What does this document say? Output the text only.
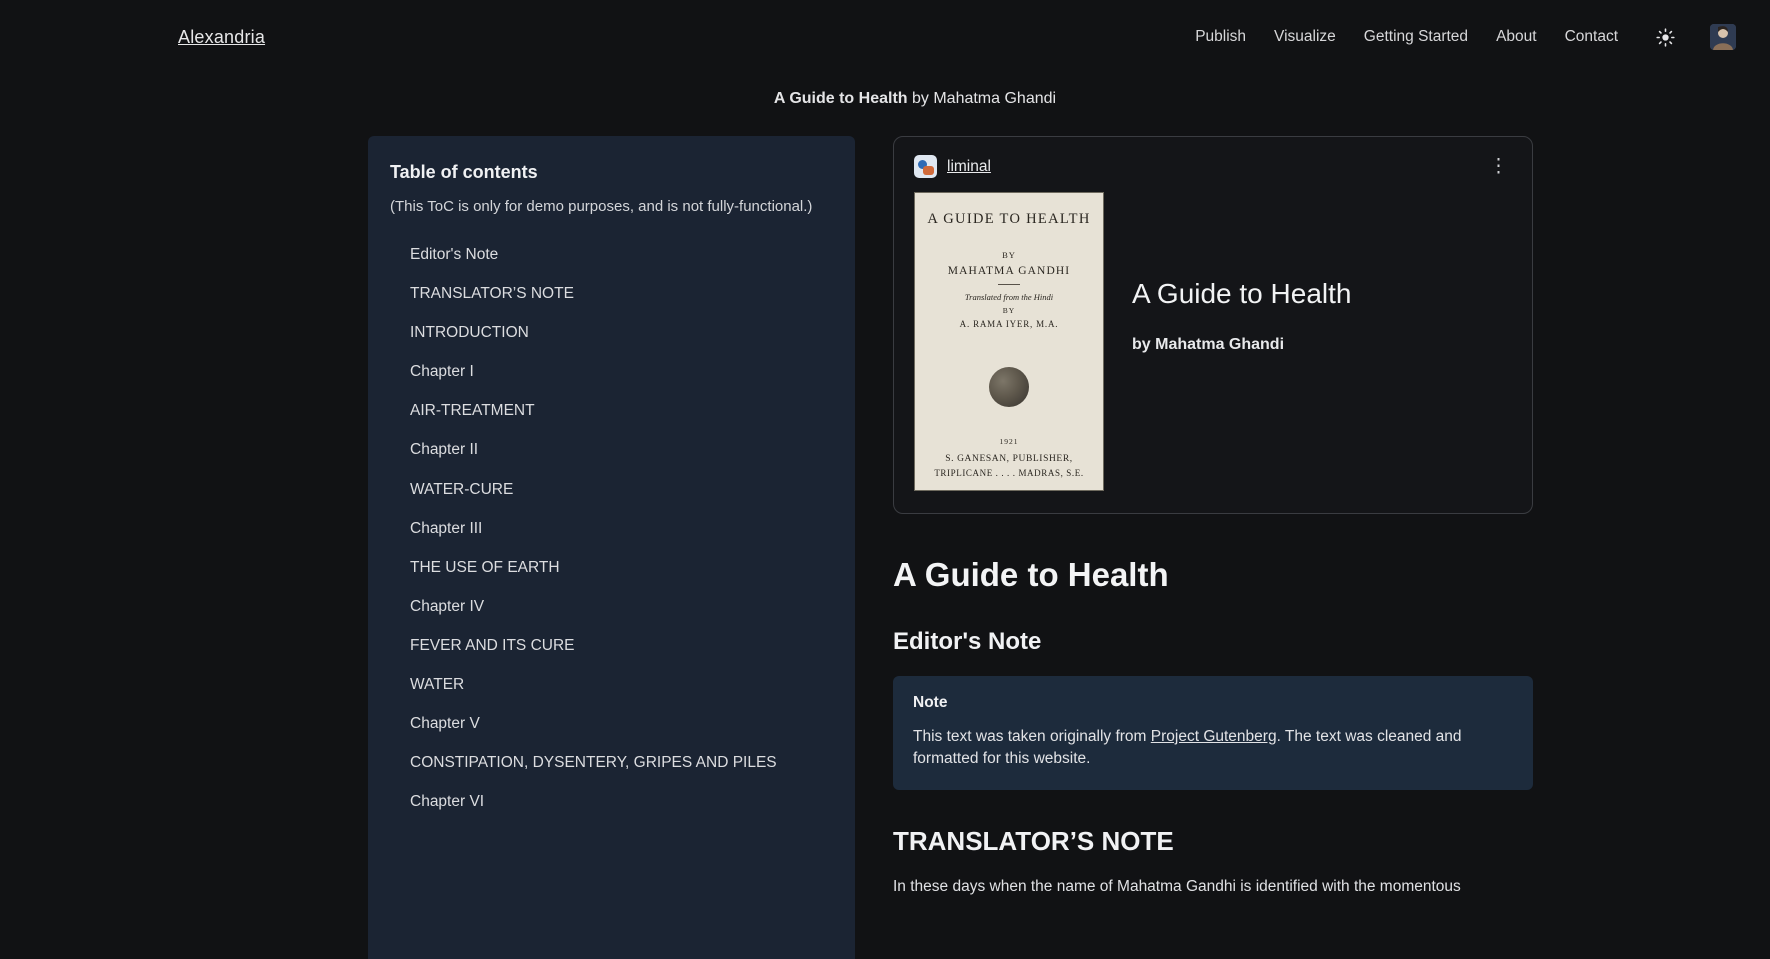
Alexandria	Publish Visualize Getting Started About Contact
A Guide to Health by Mahatma Ghandi
Table of contents
(This ToC is only for demo purposes, and is not fully-functional.)
Editor's Note
TRANSLATOR’S NOTE
INTRODUCTION
Chapter I
AIR-TREATMENT
Chapter II
WATER-CURE
Chapter III
THE USE OF EARTH
Chapter IV
FEVER AND ITS CURE
WATER
Chapter V
CONSTIPATION, DYSENTERY, GRIPES AND PILES
Chapter VI
liminal	⋮
A GUIDE TO HEALTH
BY
MAHATMA GANDHI
Translated from the Hindi
BY
A. RAMA IYER, M.A.
1921
S. GANESAN, PUBLISHER,
TRIPLICANE . . . . MADRAS, S.E.
A Guide to Health
by Mahatma Ghandi
A Guide to Health
Editor's Note
Note

This text was taken originally from Project Gutenberg. The text was cleaned and formatted for this website.

TRANSLATOR’S NOTE

In these days when the name of Mahatma Gandhi is identified with the momentous
